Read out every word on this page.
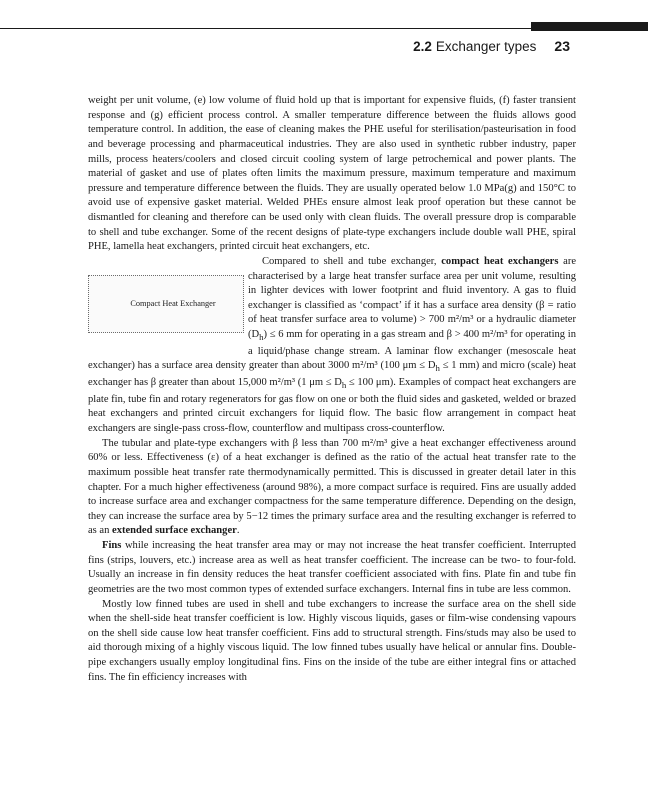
2.2 Exchanger types 23

weight per unit volume, (e) low volume of fluid hold up that is important for expensive fluids, (f) faster transient response and (g) efficient process control. A smaller temperature difference between the fluids allows good temperature control. In addition, the ease of cleaning makes the PHE useful for sterilisation/pasteurisation in food and beverage processing and pharmaceutical industries. They are also used in synthetic rubber industry, paper mills, process heaters/coolers and closed circuit cooling system of large petrochemical and power plants. The material of gasket and use of plates often limits the maximum pressure, maximum temperature and maximum pressure and temperature difference between the fluids. They are usually operated below 1.0 MPa(g) and 150°C to avoid use of expensive gasket material. Welded PHEs ensure almost leak proof operation but these cannot be dismantled for cleaning and therefore can be used only with clean fluids. The overall pressure drop is comparable to shell and tube exchanger. Some of the recent designs of plate-type exchangers include double wall PHE, spiral PHE, lamella heat exchangers, printed circuit heat exchangers, etc.

Compared to shell and tube exchanger, compact heat exchangers
Compact Heat Exchanger
are characterised by a large heat transfer surface area per unit volume, resulting in lighter devices with lower footprint and fluid inventory. A gas to fluid exchanger is classified as ‘compact’ if it has a surface area density (β = ratio of heat transfer surface area to volume) > 700 m²/m³ or a hydraulic diameter $(D_h) \le 6$ mm for operating in a gas stream and β > 400 m²/m³ for operating in a liquid/phase change stream. A laminar flow exchanger (mesoscale heat exchanger) has a surface area density greater than about 3000 m²/m³ (100 $\mu m \le D_h \le 1$ mm) and micro (scale) heat exchanger has β greater than about 15,000 m²/m³ (1 $\mu m \le D_h \le 100$ μm). Examples of compact heat exchangers are plate fin, tube fin and rotary regenerators for gas flow on one or both the fluid sides and gasketed, welded or brazed heat exchangers and printed circuit exchangers for liquid flow. The basic flow arrangement in compact heat exchangers are single-pass cross-flow, counterflow and multipass cross-counterflow.

The tubular and plate-type exchangers with β less than 700 m²/m³ give a heat exchanger effectiveness around 60% or less. Effectiveness (ε) of a heat exchanger is defined as the ratio of the actual heat transfer rate to the maximum possible heat transfer rate thermodynamically permitted. This is discussed in greater detail later in this chapter. For a much higher effectiveness (around 98%), a more compact surface is required. Fins are usually added to increase surface area and exchanger compactness for the same temperature difference. Depending on the design, they can increase the surface area by 5−12 times the primary surface area and the resulting exchanger is referred to as an extended surface exchanger.

Fins while increasing the heat transfer area may or may not increase the heat transfer coefficient. Interrupted fins (strips, louvers, etc.) increase area as well as heat transfer coefficient. The increase can be two- to four-fold. Usually an increase in fin density reduces the heat transfer coefficient associated with fins. Plate fin and tube fin geometries are the two most common types of extended surface exchangers. Internal fins in tube are less common.

Mostly low finned tubes are used in shell and tube exchangers to increase the surface area on the shell side when the shell-side heat transfer coefficient is low. Highly viscous liquids, gases or film-wise condensing vapours on the shell side cause low heat transfer coefficient. Fins add to structural strength. Fins/studs may also be used to aid thorough mixing of a highly viscous liquid. The low finned tubes usually have helical or annular fins. Double-pipe exchangers usually employ longitudinal fins. Fins on the inside of the tube are either integral fins or attached fins. The fin efficiency increases with
